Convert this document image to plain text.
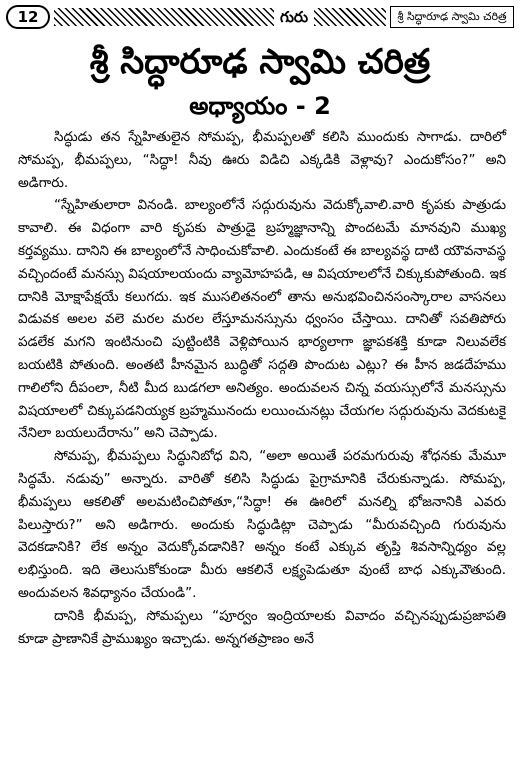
12	గురు	శ్రీ సిద్ధారూఢ స్వామి చరిత్ర
శ్రీ సిద్ధారూఢ స్వామి చరిత్ర
అధ్యాయం - 2

సిద్ధుడు తన స్నేహితులైన సోమప్ప, భీమప్పలతో కలిసి ముందుకు సాగాడు. దారిలో సోమప్ప, భీమప్పలు, “సిద్ధా! నీవు ఊరు విడిచి ఎక్కడికి వెళ్లావు? ఎందుకోసం?” అని అడిగారు.

“స్నేహితులారా వినండి. బాల్యంలోనే సద్గురువును వెదుక్కోవాలి.వారి కృపకు పాత్రుడు కావాలి. ఈ విధంగా వారి కృపకు పాత్రుడై బ్రహ్మజ్ఞానాన్ని పొందటమే మానవుని ముఖ్య కర్తవ్యము. దానిని ఈ బాల్యంలోనే సాధించుకోవాలి. ఎందుకంటే ఈ బాల్యవస్థ దాటి యౌవనావస్థ వచ్చిందంటే మనస్సు విషయాలయందు వ్యామోహపడి, ఆ విషయాలలోనే చిక్కుకుపోతుంది. ఇక దానికి మోక్షాపేక్షయే కలుగదు. ఇక ముసలితనంలో తాను అనుభవించినసంస్కారాల వాసనలు విడువక అలల వలె మరల మరల లేస్తూమనస్సును ధ్వంసం చేస్తాయి. దానితో సవతిపోరు పడలేక మగని ఇంటినుంచి పుట్టింటికి వెళ్లిపోయిన భార్యలాగా జ్ఞాపకశక్తి కూడా నిలువలేక బయటికి పోతుంది. అంతటి హీనమైన బుద్ధితో సద్గతి పొందుట ఎట్లు? ఈ హీన జడదేహము గాలిలోని దీపంలా, నీటి మీద బుడగలా అనిత్యం. అందువలన చిన్న వయస్సులోనే మనస్సును విషయాలలో చిక్కుపడనియ్యక బ్రహ్మమునందు లయించునట్లు చేయగల సద్గురువును వెదకుటకై నేనిలా బయలుదేరాను” అని చెప్పాడు.

సోమప్ప, భీమప్పలు సిద్ధునిబోధ విని, “అలా అయితే పరమగురువు శోధనకు మేమూ సిద్ధమే. నడువు” అన్నారు. వారితో కలిసి సిద్ధుడు పైగ్రామానికి చేరుకున్నాడు. సోమప్ప, భీమప్పలు ఆకలితో అలమటించిపోతూ,“సిద్ధా! ఈ ఊరిలో మనల్ని భోజనానికి ఎవరు పిలుస్తారు?” అని అడిగారు. అందుకు సిద్ధుడిట్లా చెప్పాడు “మీరువచ్చింది గురువును వెదకడానికి? లేక అన్నం వెదుక్కోవడానికి? అన్నం కంటే ఎక్కువ తృప్తి శివసాన్నిధ్యం వల్ల లభిస్తుంది. ఇది తెలుసుకోకుండా మీరు ఆకలినే లక్ష్యపెడుతూ వుంటే బాధ ఎక్కువౌతుంది. అందువలన శివధ్యానం చేయండి”.

దానికి భీమప్ప, సోమప్పలు “పూర్వం ఇంద్రియాలకు వివాదం వచ్చినప్పుడుప్రజాపతి కూడా ప్రాణానికే ప్రాముఖ్యం ఇచ్చాడు. అన్నగతప్రాణం అనే
